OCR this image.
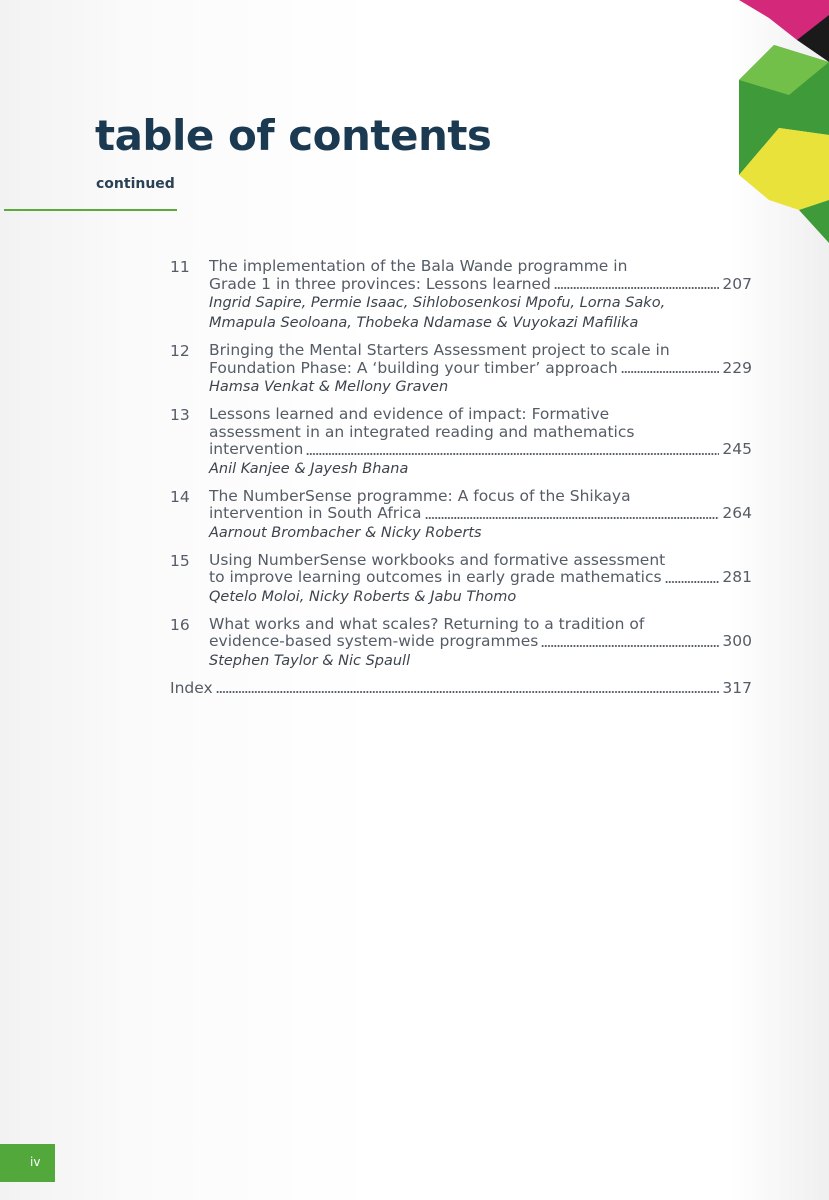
table of contents

continued

11 The implementation of the Bala Wande programme in
Grade 1 in three provinces: Lessons learned	207
Ingrid Sapire, Permie Isaac, Sihlobosenkosi Mpofu, Lorna Sako,
Mmapula Seoloana, Thobeka Ndamase & Vuyokazi Mafilika
12 Bringing the Mental Starters Assessment project to scale in
Foundation Phase: A ‘building your timber’ approach	229
Hamsa Venkat & Mellony Graven
13 Lessons learned and evidence of impact: Formative
assessment in an integrated reading and mathematics
intervention	245
Anil Kanjee & Jayesh Bhana
14 The NumberSense programme: A focus of the Shikaya
intervention in South Africa	264
Aarnout Brombacher & Nicky Roberts
15 Using NumberSense workbooks and formative assessment
to improve learning outcomes in early grade mathematics	281
Qetelo Moloi, Nicky Roberts & Jabu Thomo
16 What works and what scales? Returning to a tradition of
evidence-based system-wide programmes	300
Stephen Taylor & Nic Spaull
Index	317
iv
